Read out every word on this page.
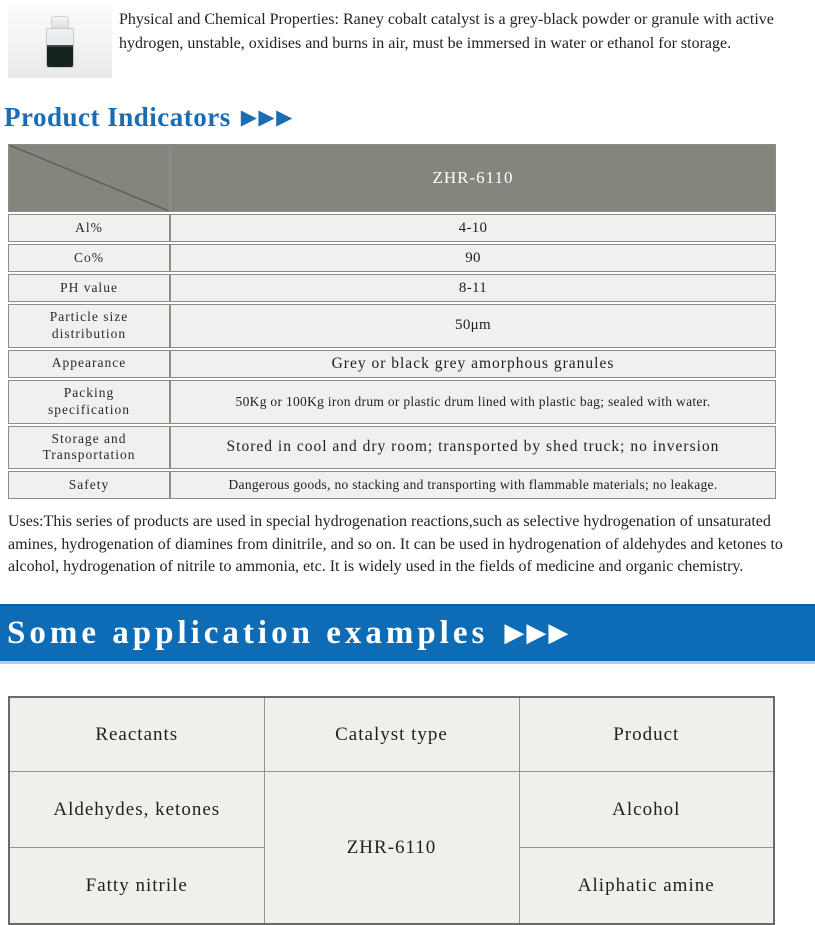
Physical and Chemical Properties: Raney cobalt catalyst is a grey-black powder or granule with active hydrogen, unstable, oxidises and burns in air, must be immersed in water or ethanol for storage.

Product Indicators ▶ ▶ ▶
	ZHR-6110
Al%	4-10
Co%	90
PH value	8-11
Particle size distribution	50μm
Appearance	Grey or black grey amorphous granules
Packing specification	50Kg or 100Kg iron drum or plastic drum lined with plastic bag; sealed with water.
Storage and Transportation	Stored in cool and dry room; transported by shed truck; no inversion
Safety	Dangerous goods, no stacking and transporting with flammable materials; no leakage.

Uses:This series of products are used in special hydrogenation reactions,such as selective hydrogenation of unsaturated amines, hydrogenation of diamines from dinitrile, and so on. It can be used in hydrogenation of aldehydes and ketones to alcohol, hydrogenation of nitrile to ammonia, etc. It is widely used in the fields of medicine and organic chemistry.

Some application examples ▶ ▶ ▶
Reactants	Catalyst type	Product
Aldehydes, ketones	ZHR-6110	Alcohol
Fatty nitrile		Aliphatic amine
